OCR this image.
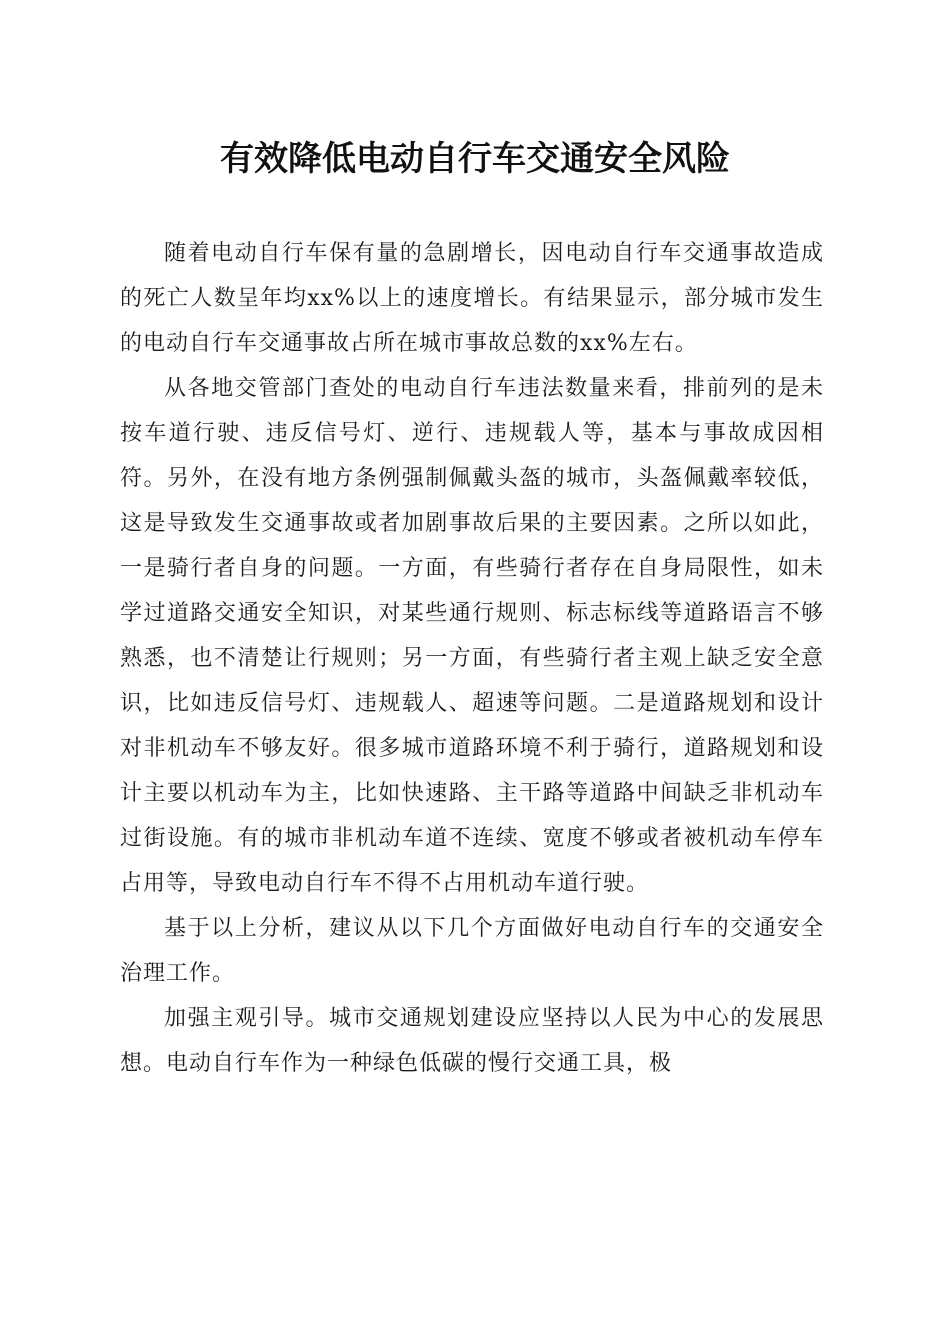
有效降低电动自行车交通安全风险

随着电动自行车保有量的急剧增长，因电动自行车交通事故造成的死亡人数呈年均xx%以上的速度增长。有结果显示，部分城市发生的电动自行车交通事故占所在城市事故总数的xx%左右。

从各地交管部门查处的电动自行车违法数量来看，排前列的是未按车道行驶、违反信号灯、逆行、违规载人等，基本与事故成因相符。另外，在没有地方条例强制佩戴头盔的城市，头盔佩戴率较低，这是导致发生交通事故或者加剧事故后果的主要因素。之所以如此，一是骑行者自身的问题。一方面，有些骑行者存在自身局限性，如未学过道路交通安全知识，对某些通行规则、标志标线等道路语言不够熟悉，也不清楚让行规则；另一方面，有些骑行者主观上缺乏安全意识，比如违反信号灯、违规载人、超速等问题。二是道路规划和设计对非机动车不够友好。很多城市道路环境不利于骑行，道路规划和设计主要以机动车为主，比如快速路、主干路等道路中间缺乏非机动车过街设施。有的城市非机动车道不连续、宽度不够或者被机动车停车占用等，导致电动自行车不得不占用机动车道行驶。

基于以上分析，建议从以下几个方面做好电动自行车的交通安全治理工作。

加强主观引导。城市交通规划建设应坚持以人民为中心的发展思想。电动自行车作为一种绿色低碳的慢行交通工具，极
